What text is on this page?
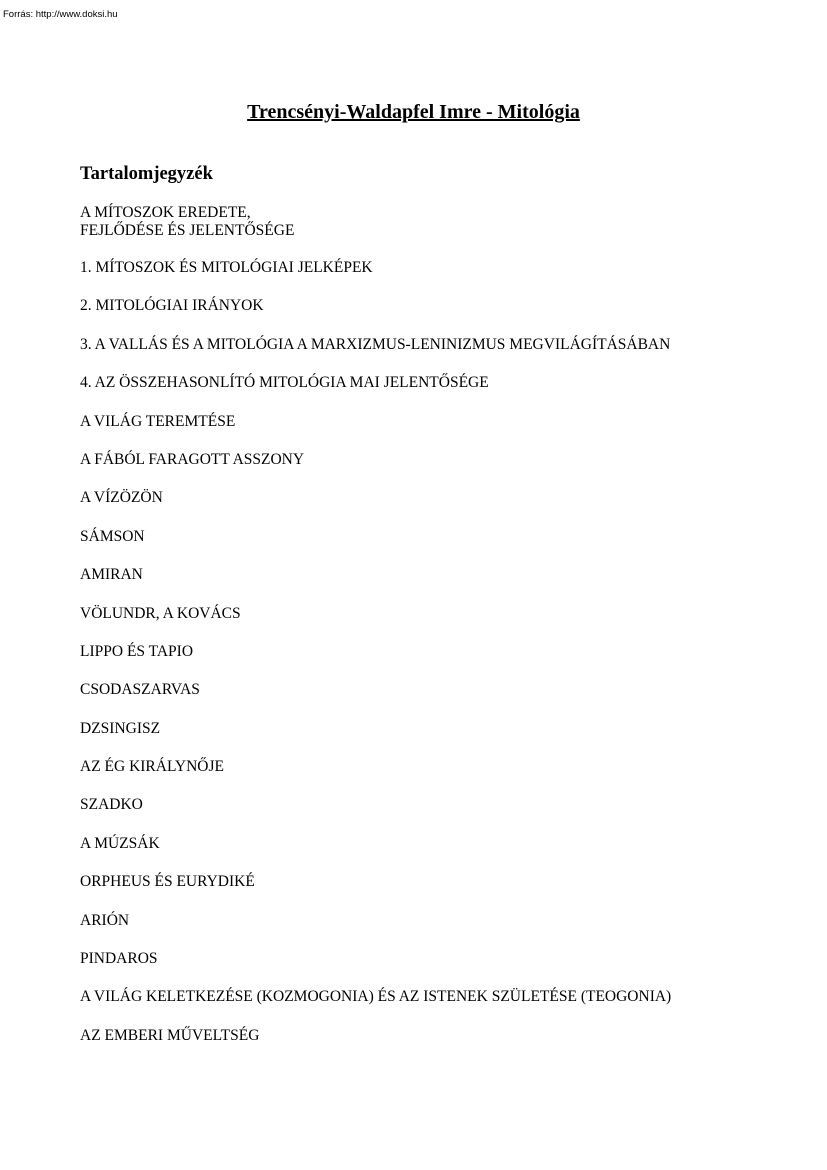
Forrás: http://www.doksi.hu
Trencsényi-Waldapfel Imre - Mitológia
Tartalomjegyzék
A MÍTOSZOK EREDETE,
FEJLŐDÉSE ÉS JELENTŐSÉGE
1. MÍTOSZOK ÉS MITOLÓGIAI JELKÉPEK
2. MITOLÓGIAI IRÁNYOK
3. A VALLÁS ÉS A MITOLÓGIA A MARXIZMUS-LENINIZMUS MEGVILÁGÍTÁSÁBAN
4. AZ ÖSSZEHASONLÍTÓ MITOLÓGIA MAI JELENTŐSÉGE
A VILÁG TEREMTÉSE
A FÁBÓL FARAGOTT ASSZONY
A VÍZÖZÖN
SÁMSON
AMIRAN
VÖLUNDR, A KOVÁCS
LIPPO ÉS TAPIO
CSODASZARVAS
DZSINGISZ
AZ ÉG KIRÁLYNŐJE
SZADKO
A MÚZSÁK
ORPHEUS ÉS EURYDIKÉ
ARIÓN
PINDAROS
A VILÁG KELETKEZÉSE (KOZMOGONIA) ÉS AZ ISTENEK SZÜLETÉSE (TEOGONIA)
AZ EMBERI MŰVELTSÉG
